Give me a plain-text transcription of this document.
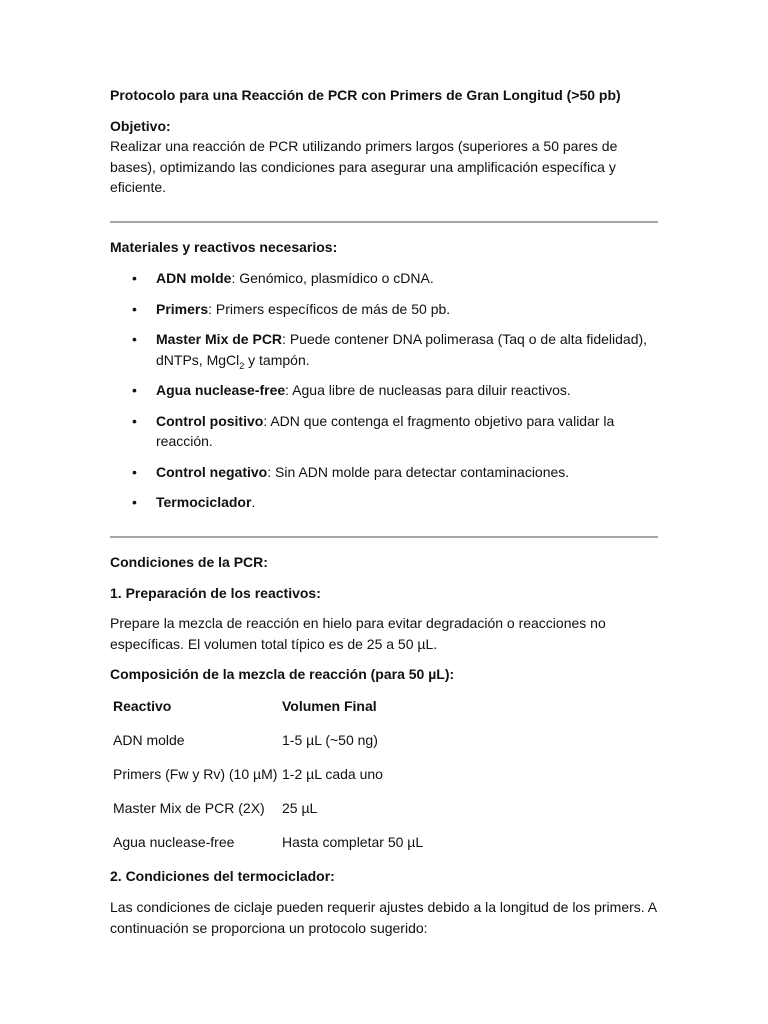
Protocolo para una Reacción de PCR con Primers de Gran Longitud (>50 pb)

Objetivo:

Realizar una reacción de PCR utilizando primers largos (superiores a 50 pares de bases), optimizando las condiciones para asegurar una amplificación específica y eficiente.

Materiales y reactivos necesarios:

• ADN molde: Genómico, plasmídico o cDNA.
• Primers: Primers específicos de más de 50 pb.
• Master Mix de PCR: Puede contener DNA polimerasa (Taq o de alta fidelidad), dNTPs, MgCl$_2$ y tampón.
• Agua nuclease-free: Agua libre de nucleasas para diluir reactivos.
• Control positivo: ADN que contenga el fragmento objetivo para validar la reacción.
• Control negativo: Sin ADN molde para detectar contaminaciones.
• Termociclador.

Condiciones de la PCR:

1. Preparación de los reactivos:

Prepare la mezcla de reacción en hielo para evitar degradación o reacciones no específicas. El volumen total típico es de 25 a 50 µL.

Composición de la mezcla de reacción (para 50 µL):

Reactivo	Volumen Final
ADN molde	1-5 µL (~50 ng)
Primers (Fw y Rv) (10 µM) 1-2 µL cada uno
Master Mix de PCR (2X)	25 µL
Agua nuclease-free	Hasta completar 50 µL

2. Condiciones del termociclador:

Las condiciones de ciclaje pueden requerir ajustes debido a la longitud de los primers. A continuación se proporciona un protocolo sugerido:
